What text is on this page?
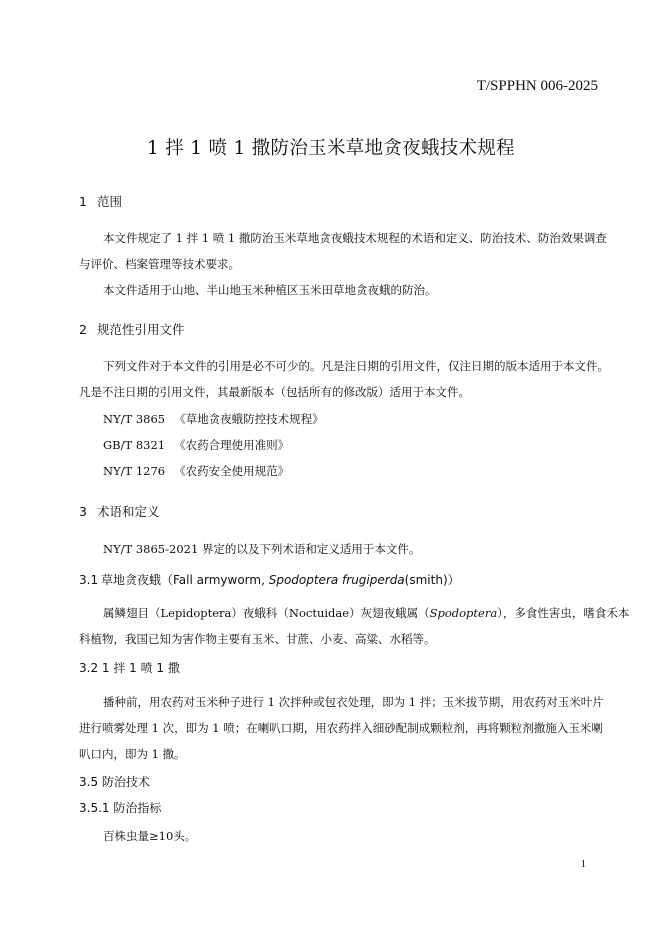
T/SPPHN 006-2025
1 拌 1 喷 1 撒防治玉米草地贪夜蛾技术规程
1 范围
本文件规定了 1 拌 1 喷 1 撒防治玉米草地贪夜蛾技术规程的术语和定义、防治技术、防治效果调查
与评价、档案管理等技术要求。
本文件适用于山地、半山地玉米种植区玉米田草地贪夜蛾的防治。
2 规范性引用文件
下列文件对于本文件的引用是必不可少的。凡是注日期的引用文件，仅注日期的版本适用于本文件。
凡是不注日期的引用文件，其最新版本（包括所有的修改版）适用于本文件。
NY/T 3865 《草地贪夜蛾防控技术规程》
GB/T 8321 《农药合理使用准则》
NY/T 1276 《农药安全使用规范》
3 术语和定义
NY/T 3865-2021 界定的以及下列术语和定义适用于本文件。
3.1 草地贪夜蛾（Fall armyworm, Spodoptera frugiperda(smith)）
属鳞翅目（Lepidoptera）夜蛾科（Noctuidae）灰翅夜蛾属（Spodoptera），多食性害虫，嗜食禾本
科植物，我国已知为害作物主要有玉米、甘蔗、小麦、高粱、水稻等。
3.2 1 拌 1 喷 1 撒
播种前，用农药对玉米种子进行 1 次拌种或包衣处理，即为 1 拌；玉米拔节期，用农药对玉米叶片
进行喷雾处理 1 次，即为 1 喷；在喇叭口期，用农药拌入细砂配制成颗粒剂，再将颗粒剂撒施入玉米喇
叭口内，即为 1 撒。
3.5 防治技术
3.5.1 防治指标
百株虫量≥10头。
1
